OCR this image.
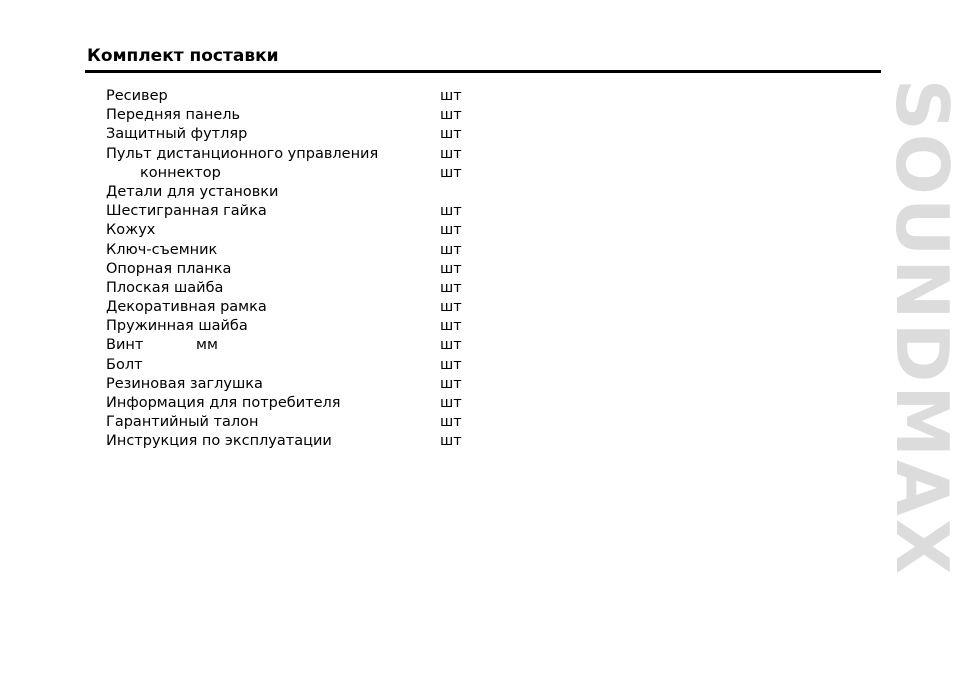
Комплект поставки
Ресивер	шт
Передняя панель	шт
Защитный футляр	шт
Пульт дистанционного управления	шт
коннектор	шт
Детали для установки
Шестигранная гайка	шт
Кожух	шт
Ключ-съемник	шт
Опорная планка	шт
Плоская шайба	шт
Декоративная рамка	шт
Пружинная шайба	шт
Винт	мм	шт
Болт	шт
Резиновая заглушка	шт
Информация для потребителя	шт
Гарантийный талон	шт
Инструкция по эксплуатации	шт	SOUNDMAX
